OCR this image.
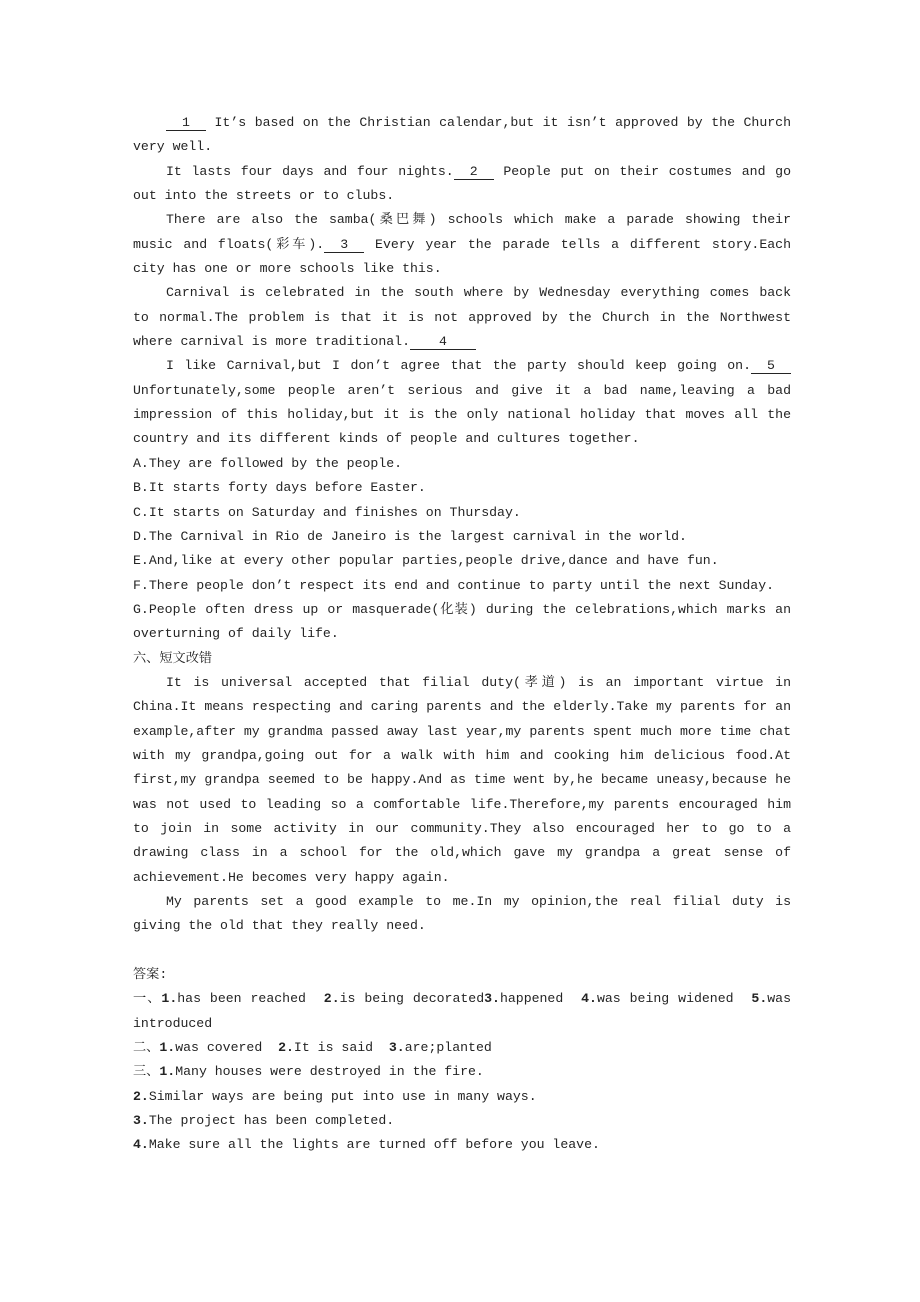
1 It’s based on the Christian calendar,but it isn’t approved by the Church very well.

It lasts four days and four nights. 2 People put on their costumes and go out into the streets or to clubs.

There are also the samba(桑巴舞) schools which make a parade showing their music and floats(彩车). 3 Every year the parade tells a different story.Each city has one or more schools like this.

Carnival is celebrated in the south where by Wednesday everything comes back to normal.The problem is that it is not approved by the Church in the Northwest where carnival is more traditional. 4

I like Carnival,but I don’t agree that the party should keep going on. 5 Unfortunately,some people aren’t serious and give it a bad name,leaving a bad impression of this holiday,but it is the only national holiday that moves all the country and its different kinds of people and cultures together.

A.They are followed by the people.

B.It starts forty days before Easter.

C.It starts on Saturday and finishes on Thursday.

D.The Carnival in Rio de Janeiro is the largest carnival in the world.

E.And,like at every other popular parties,people drive,dance and have fun.

F.There people don’t respect its end and continue to party until the next Sunday.

G.People often dress up or masquerade(化装) during the celebrations,which marks an overturning of daily life.

六、短文改错

It is universal accepted that filial duty(孝道) is an important virtue in China.It means respecting and caring parents and the elderly.Take my parents for an example,after my grandma passed away last year,my parents spent much more time chat with my grandpa,going out for a walk with him and cooking him delicious food.At first,my grandpa seemed to be happy.And as time went by,he became uneasy,because he was not used to leading so a comfortable life.Therefore,my parents encouraged him to join in some activity in our community.They also encouraged her to go to a drawing class in a school for the old,which gave my grandpa a great sense of achievement.He becomes very happy again.

My parents set a good example to me.In my opinion,the real filial duty is giving the old that they really need.

答案:

一、1.has been reached  2.is being decorated3.happened  4.was being widened  5.was introduced

二、1.was covered  2.It is said  3.are;planted

三、1.Many houses were destroyed in the fire.

2.Similar ways are being put into use in many ways.

3.The project has been completed.

4.Make sure all the lights are turned off before you leave.
